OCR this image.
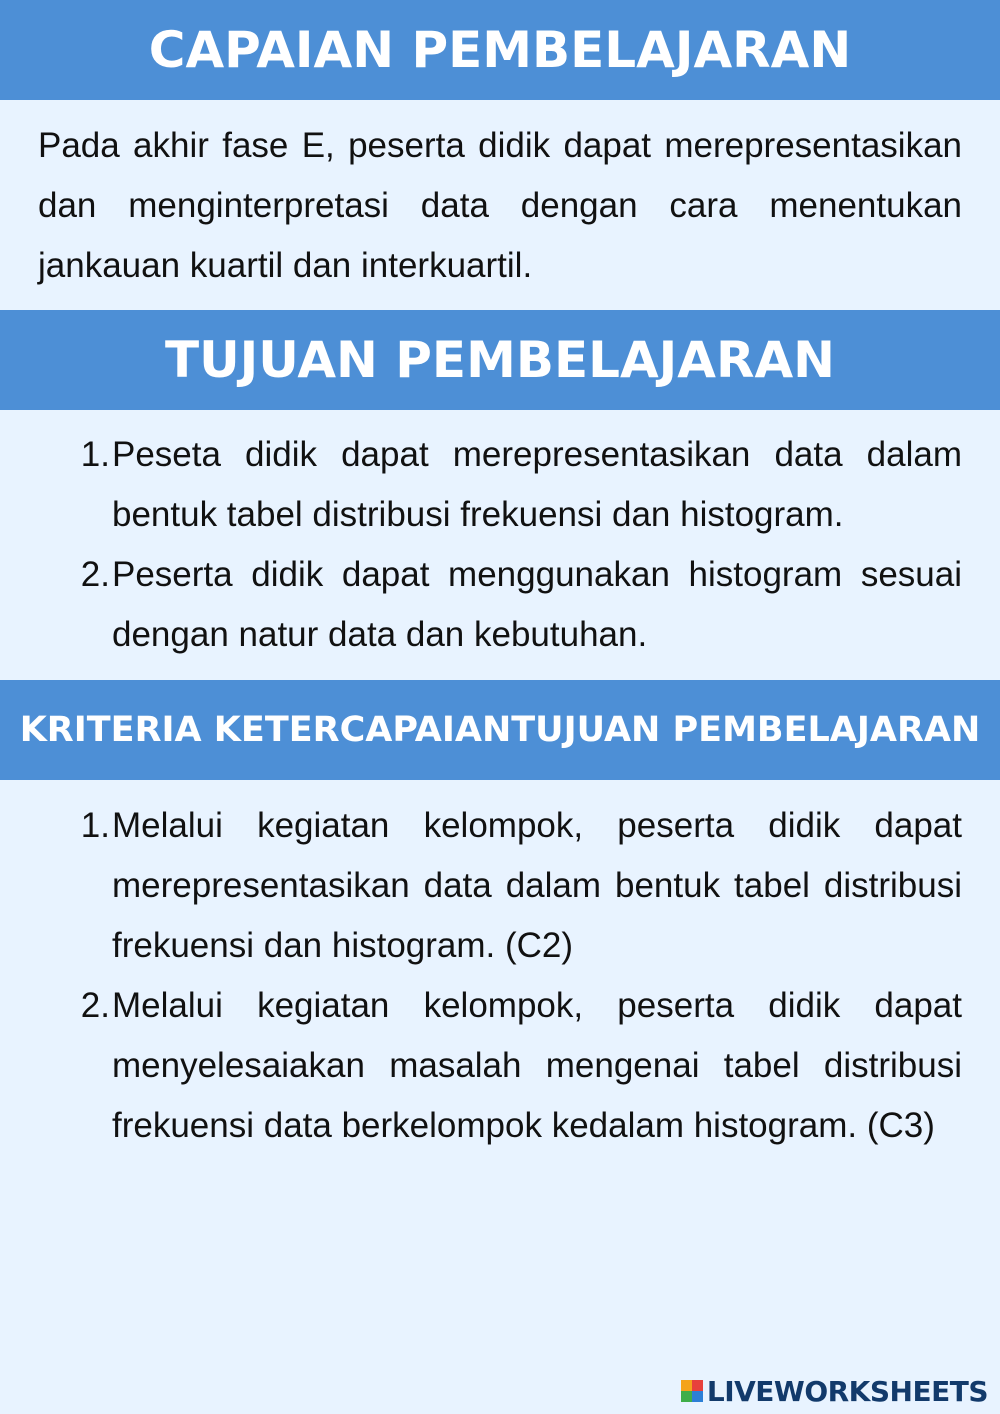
CAPAIAN PEMBELAJARAN

Pada akhir fase E, peserta didik dapat merepresentasikan dan menginterpretasi data dengan cara menentukan jankauan kuartil dan interkuartil.

TUJUAN PEMBELAJARAN
1. Peseta didik dapat merepresentasikan data dalam bentuk tabel distribusi frekuensi dan histogram.
2. Peserta didik dapat menggunakan histogram sesuai dengan natur data dan kebutuhan.
KRITERIA KETERCAPAIANTUJUAN PEMBELAJARAN
1. Melalui kegiatan kelompok, peserta didik dapat merepresentasikan data dalam bentuk tabel distribusi frekuensi dan histogram. (C2)
2. Melalui kegiatan kelompok, peserta didik dapat menyelesaiakan masalah mengenai tabel distribusi frekuensi data berkelompok kedalam histogram. (C3)
LIVEWORKSHEETS
